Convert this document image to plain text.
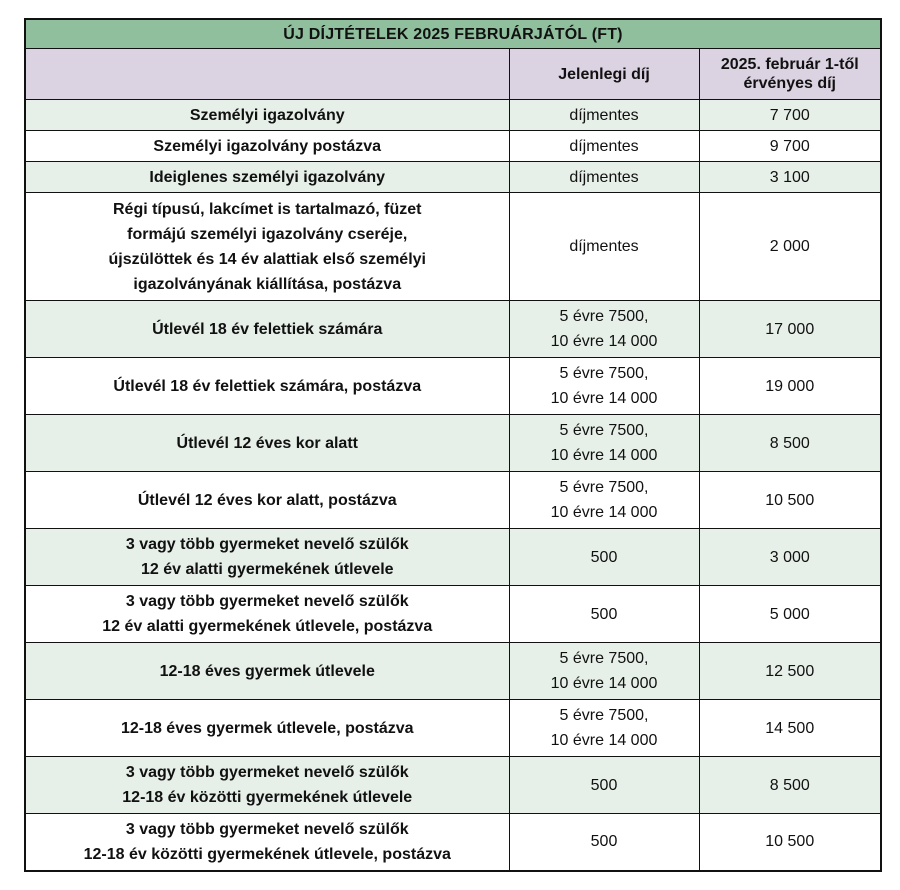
ÚJ DÍJTÉTELEK 2025 FEBRUÁRJÁTÓL (FT)		
	Jelenlegi díj	2025. február 1-től
érvényes díj

Személyi igazolvány	díjmentes	7 700

Személyi igazolvány postázva	díjmentes	9 700

Ideiglenes személyi igazolvány	díjmentes	3 100

Régi típusú, lakcímet is tartalmazó, füzet
formájú személyi igazolvány cseréje,
újszülöttek és 14 év alattiak első személyi
igazolványának kiállítása, postázva	díjmentes	2 000

Útlevél 18 év felettiek számára	5 évre 7500,
10 évre 14 000	17 000

Útlevél 18 év felettiek számára, postázva	5 évre 7500,
10 évre 14 000	19 000

Útlevél 12 éves kor alatt	5 évre 7500,
10 évre 14 000	8 500

Útlevél 12 éves kor alatt, postázva	5 évre 7500,
10 évre 14 000	10 500

3 vagy több gyermeket nevelő szülők
12 év alatti gyermekének útlevele	500	3 000

3 vagy több gyermeket nevelő szülők
12 év alatti gyermekének útlevele, postázva	500	5 000

12-18 éves gyermek útlevele	5 évre 7500,
10 évre 14 000	12 500

12-18 éves gyermek útlevele, postázva	5 évre 7500,
10 évre 14 000	14 500

3 vagy több gyermeket nevelő szülők
12-18 év közötti gyermekének útlevele	500	8 500

3 vagy több gyermeket nevelő szülők
12-18 év közötti gyermekének útlevele, postázva	500	10 500
